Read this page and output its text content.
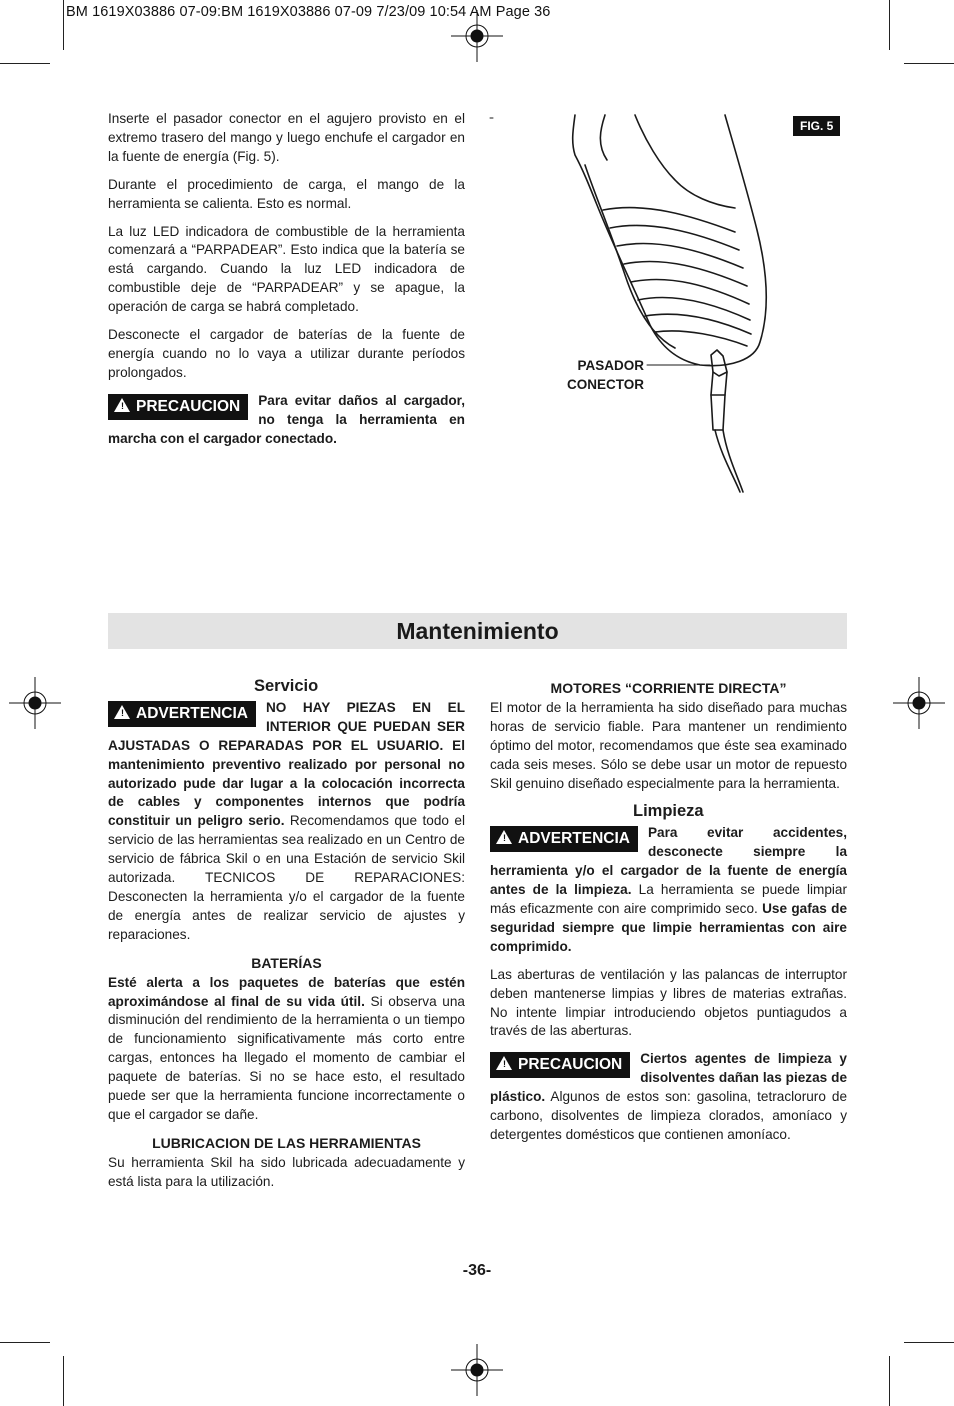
BM 1619X03886 07-09:BM 1619X03886 07-09 7/23/09 10:54 AM Page 36

Inserte el pasador conector en el agujero provisto en el extremo trasero del mango y luego enchufe el cargador en la fuente de energía (Fig. 5).

Durante el procedimiento de carga, el mango de la herramienta se calienta. Esto es normal.

La luz LED indicadora de combustible de la herramienta comenzará a “PARPADEAR”. Esto indica que la batería se está cargando. Cuando la luz LED indicadora de combustible deje de “PARPADEAR” y se apague, la operación de carga se habrá completado.

Desconecte el cargador de baterías de la fuente de energía cuando no lo vaya a utilizar durante períodos prolongados.

! PRECAUCION	Para evitar daños al cargador, no tenga la herramienta en marcha con el cargador conectado.
FIG. 5
PASADOR
CONECTOR
Mantenimiento
Servicio
! ADVERTENCIA	NO HAY PIEZAS EN EL INTERIOR QUE PUEDAN SER AJUSTADAS O REPARADAS POR EL USUARIO. El mantenimiento preventivo realizado por personal no autorizado pude dar lugar a la colocación incorrecta de cables y componentes internos que podría constituir un peligro serio. Recomendamos que todo el servicio de las herramientas sea realizado en un Centro de servicio de fábrica Skil o en una Estación de servicio Skil autorizada. TECNICOS DE REPARACIONES: Desconecten la herramienta y/o el cargador de la fuente de energía antes de realizar servicio de ajustes y reparaciones.
BATERÍAS

Esté alerta a los paquetes de baterías que estén aproximándose al final de su vida útil. Si observa una disminución del rendimiento de la herramienta o un tiempo de funcionamiento significativamente más corto entre cargas, entonces ha llegado el momento de cambiar el paquete de baterías. Si no se hace esto, el resultado puede ser que la herramienta funcione incorrectamente o que el cargador se dañe.

LUBRICACION DE LAS HERRAMIENTAS

Su herramienta Skil ha sido lubricada adecuadamente y está lista para la utilización.

MOTORES “CORRIENTE DIRECTA”

El motor de la herramienta ha sido diseñado para muchas horas de servicio fiable. Para mantener un rendimiento óptimo del motor, recomendamos que éste sea examinado cada seis meses. Sólo se debe usar un motor de repuesto Skil genuino diseñado especialmente para la herramienta.

Limpieza
! ADVERTENCIA	Para evitar accidentes, desconecte siempre la herramienta y/o el cargador de la fuente de energía antes de la limpieza. La herramienta se puede limpiar más eficazmente con aire comprimido seco. Use gafas de seguridad siempre que limpie herramientas con aire comprimido.

Las aberturas de ventilación y las palancas de interruptor deben mantenerse limpias y libres de materias extrañas. No intente limpiar introduciendo objetos puntiagudos a través de las aberturas.

! PRECAUCION	Ciertos agentes de limpieza y disolventes dañan las piezas de plástico. Algunos de estos son: gasolina, tetracloruro de carbono, disolventes de limpieza clorados, amoníaco y detergentes domésticos que contienen amoníaco.
-36-
